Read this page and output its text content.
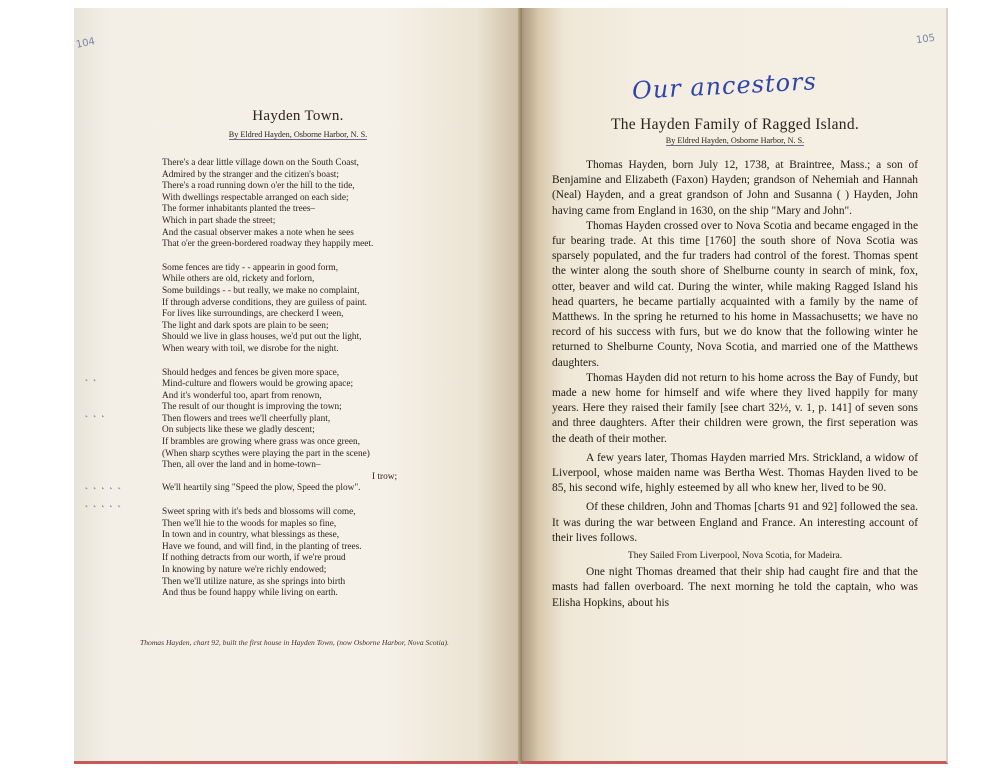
104
Hayden Town.
By Eldred Hayden, Osborne Harbor, N. S.
˛ ˛

˛ ˛ ˛

˛ ˛ ˛ ˛ ˛
˛ ˛ ˛ ˛ ˛
There's a dear little village down on the South Coast,
Admired by the stranger and the citizen's boast;
There's a road running down o'er the hill to the tide,
With dwellings respectable arranged on each side;
The former inhabitants planted the trees–
Which in part shade the street;
And the casual observer makes a note when he sees
That o'er the green-bordered roadway they happily meet.
Some fences are tidy - - appearin in good form,
While others are old, rickety and forlorn,
Some buildings - - but really, we make no complaint,
If through adverse conditions, they are guiless of paint.
For lives like surroundings, are checkerd I ween,
The light and dark spots are plain to be seen;
Should we live in glass houses, we'd put out the light,
When weary with toil, we disrobe for the night.
Should hedges and fences be given more space,
Mind-culture and flowers would be growing apace;
And it's wonderful too, apart from renown,
The result of our thought is improving the town;
Then flowers and trees we'll cheerfully plant,
On subjects like these we gladly descent;
If brambles are growing where grass was once green,
(When sharp scythes were playing the part in the scene)
Then, all over the land and in home-town–
I trow;
We'll heartily sing "Speed the plow, Speed the plow".
Sweet spring with it's beds and blossoms will come,
Then we'll hie to the woods for maples so fine,
In town and in country, what blessings as these,
Have we found, and will find, in the planting of trees.
If nothing detracts from our worth, if we're proud
In knowing by nature we're richly endowed;
Then we'll utilize nature, as she springs into birth
And thus be found happy while living on earth.
Thomas Hayden, chart 92, built the first house in Hayden Town, (now Osborne Harbor, Nova Scotia).
105
Our ancestors
The Hayden Family of Ragged Island.
By Eldred Hayden, Osborne Harbor, N. S.

Thomas Hayden, born July 12, 1738, at Braintree, Mass.; a son of Benjamine and Elizabeth (Faxon) Hayden; grandson of Nehemiah and Hannah (Neal) Hayden, and a great grandson of John and Susanna ( ) Hayden, John having came from England in 1630, on the ship "Mary and John".

Thomas Hayden crossed over to Nova Scotia and became engaged in the fur bearing trade. At this time [1760] the south shore of Nova Scotia was sparsely populated, and the fur traders had control of the forest. Thomas spent the winter along the south shore of Shelburne county in search of mink, fox, otter, beaver and wild cat. During the winter, while making Ragged Island his head quarters, he became partially acquainted with a family by the name of Matthews. In the spring he returned to his home in Massachusetts; we have no record of his success with furs, but we do know that the following winter he returned to Shelburne County, Nova Scotia, and married one of the Matthews daughters.

Thomas Hayden did not return to his home across the Bay of Fundy, but made a new home for himself and wife where they lived happily for many years. Here they raised their family [see chart 32½, v. 1, p. 141] of seven sons and three daughters. After their children were grown, the first seperation was the death of their mother.

A few years later, Thomas Hayden married Mrs. Strickland, a widow of Liverpool, whose maiden name was Bertha West. Thomas Hayden lived to be 85, his second wife, highly esteemed by all who knew her, lived to be 90.

Of these children, John and Thomas [charts 91 and 92] followed the sea. It was during the war between England and France. An interesting account of their lives follows.

They Sailed From Liverpool, Nova Scotia, for Madeira.

One night Thomas dreamed that their ship had caught fire and that the masts had fallen overboard. The next morning he told the captain, who was Elisha Hopkins, about his
